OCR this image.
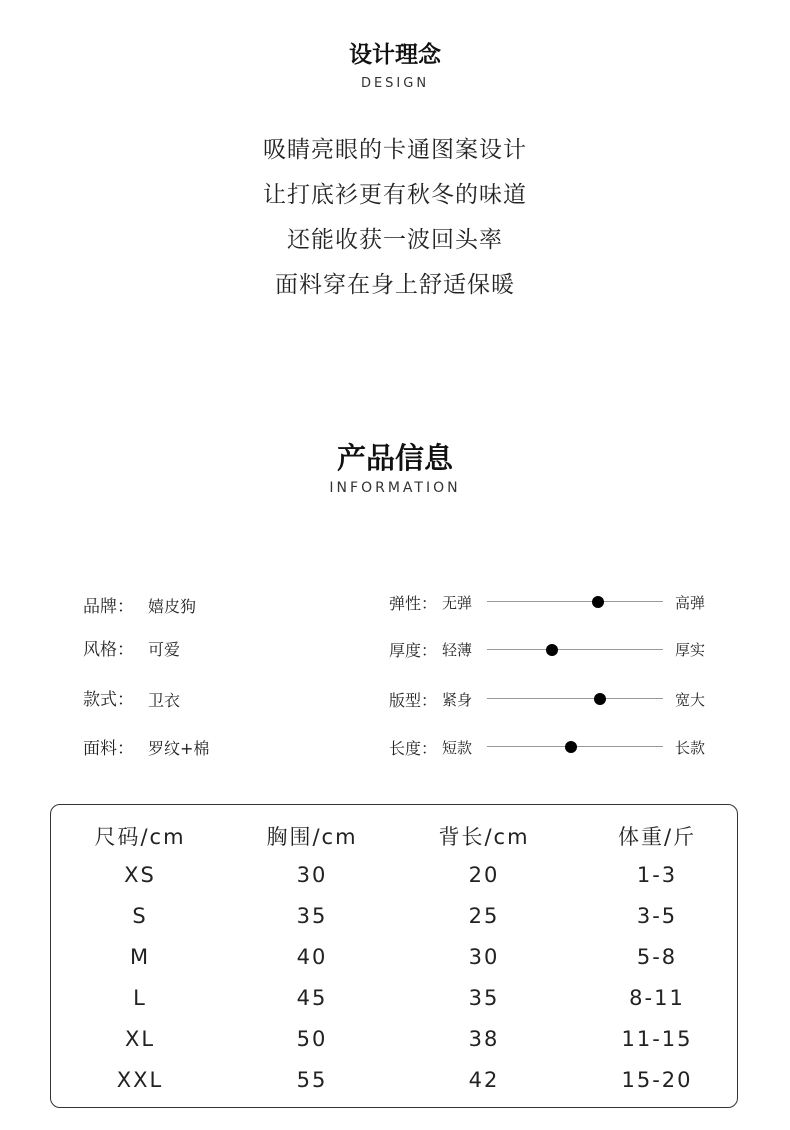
设计理念
DESIGN
吸睛亮眼的卡通图案设计
让打底衫更有秋冬的味道
还能收获一波回头率
面料穿在身上舒适保暖
产品信息
INFORMATION
品牌： 嬉皮狗
风格： 可爱
款式： 卫衣
面料： 罗纹+棉
弹性： 无弹	高弹
厚度： 轻薄	厚实
版型： 紧身	宽大
长度： 短款	长款
尺码/cm	胸围/cm	背长/cm	体重/斤
XS	30	20	1-3
S	35	25	3-5
M	40	30	5-8
L	45	35	8-11
XL	50	38	11-15
XXL	55	42	15-20
